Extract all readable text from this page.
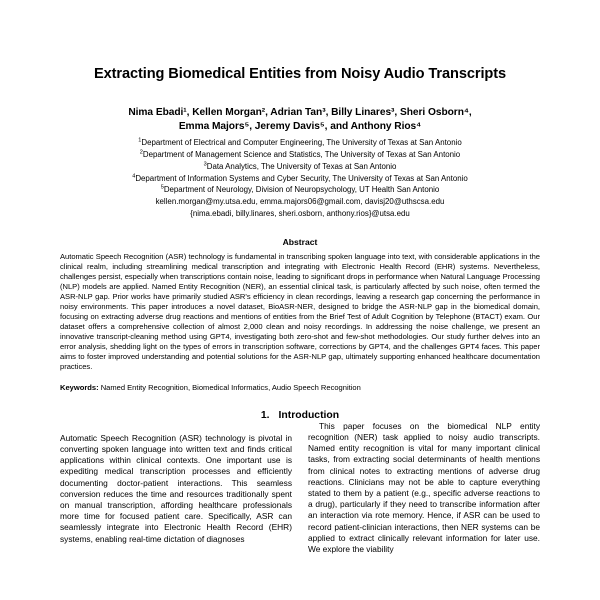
Extracting Biomedical Entities from Noisy Audio Transcripts
Nima Ebadi¹, Kellen Morgan², Adrian Tan³, Billy Linares³, Sheri Osborn⁴,
Emma Majors⁵, Jeremy Davis⁵, and Anthony Rios⁴
$^1$Department of Electrical and Computer Engineering, The University of Texas at San Antonio
$^2$Department of Management Science and Statistics, The University of Texas at San Antonio
$^3$Data Analytics, The University of Texas at San Antonio
$^4$Department of Information Systems and Cyber Security, The University of Texas at San Antonio
$^5$Department of Neurology, Division of Neuropsychology, UT Health San Antonio
kellen.morgan@my.utsa.edu, emma.majors06@gmail.com, davisj20@uthscsa.edu
{nima.ebadi, billy.linares, sheri.osborn, anthony.rios}@utsa.edu
Abstract

Automatic Speech Recognition (ASR) technology is fundamental in transcribing spoken language into text, with considerable applications in the clinical realm, including streamlining medical transcription and integrating with Electronic Health Record (EHR) systems. Nevertheless, challenges persist, especially when transcriptions contain noise, leading to significant drops in performance when Natural Language Processing (NLP) models are applied. Named Entity Recognition (NER), an essential clinical task, is particularly affected by such noise, often termed the ASR-NLP gap. Prior works have primarily studied ASR's efficiency in clean recordings, leaving a research gap concerning the performance in noisy environments. This paper introduces a novel dataset, BioASR-NER, designed to bridge the ASR-NLP gap in the biomedical domain, focusing on extracting adverse drug reactions and mentions of entities from the Brief Test of Adult Cognition by Telephone (BTACT) exam. Our dataset offers a comprehensive collection of almost 2,000 clean and noisy recordings. In addressing the noise challenge, we present an innovative transcript-cleaning method using GPT4, investigating both zero-shot and few-shot methodologies. Our study further delves into an error analysis, shedding light on the types of errors in transcription software, corrections by GPT4, and the challenges GPT4 faces. This paper aims to foster improved understanding and potential solutions for the ASR-NLP gap, ultimately supporting enhanced healthcare documentation practices.

Keywords: Named Entity Recognition, Biomedical Informatics, Audio Speech Recognition

1. Introduction

Automatic Speech Recognition (ASR) technology is pivotal in converting spoken language into written text and finds critical applications within clinical contexts. One important use is expediting medical transcription processes and efficiently documenting doctor-patient interactions. This seamless conversion reduces the time and resources traditionally spent on manual transcription, affording healthcare professionals more time for focused patient care. Specifically, ASR can seamlessly integrate into Electronic Health Record (EHR) systems, enabling real-time dictation of diagnoses

This paper focuses on the biomedical NLP entity recognition (NER) task applied to noisy audio transcripts. Named entity recognition is vital for many important clinical tasks, from extracting social determinants of health mentions from clinical notes to extracting mentions of adverse drug reactions. Clinicians may not be able to capture everything stated to them by a patient (e.g., specific adverse reactions to a drug), particularly if they need to transcribe information after an interaction via rote memory. Hence, if ASR can be used to record patient-clinician interactions, then NER systems can be applied to extract clinically relevant information for later use. We explore the viability
